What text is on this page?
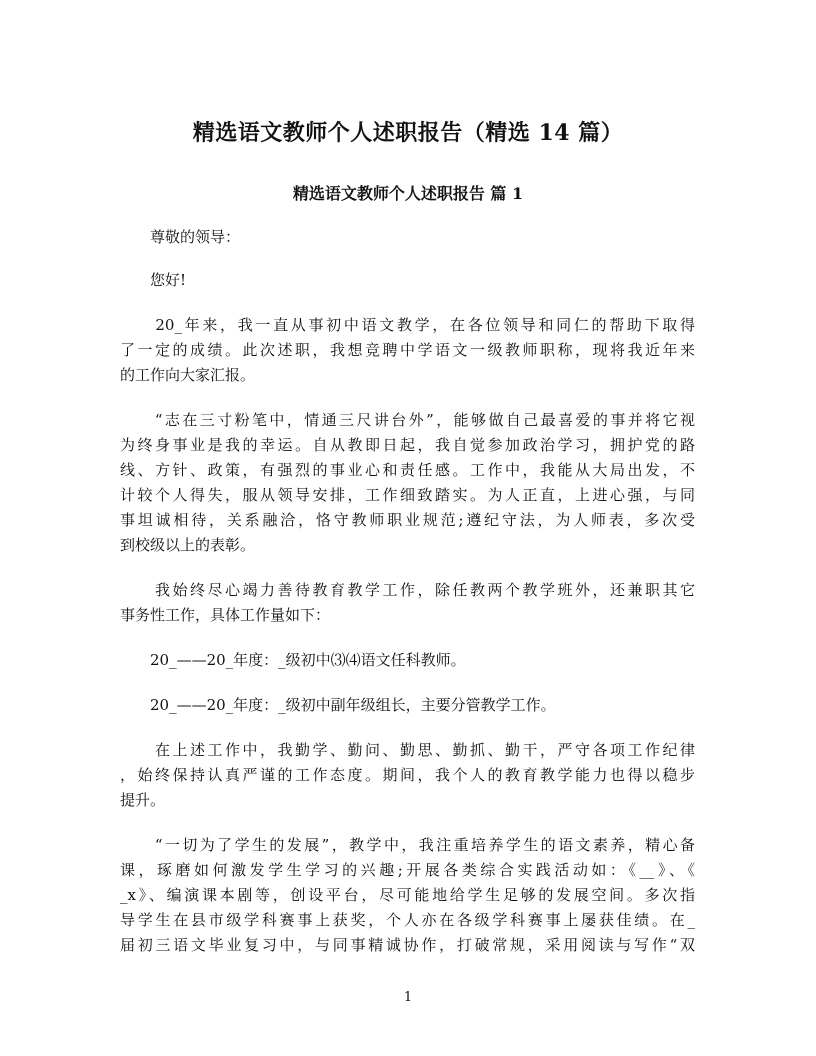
精选语文教师个人述职报告（精选 14 篇）
精选语文教师个人述职报告 篇 1
　　尊敬的领导：
　　您好!
　　20_年来，我一直从事初中语文教学，在各位领导和同仁的帮助下取得
了一定的成绩。此次述职，我想竞聘中学语文一级教师职称，现将我近年来
的工作向大家汇报。
　　“志在三寸粉笔中，情通三尺讲台外”，能够做自己最喜爱的事并将它视
为终身事业是我的幸运。自从教即日起，我自觉参加政治学习，拥护党的路
线、方针、政策，有强烈的事业心和责任感。工作中，我能从大局出发，不
计较个人得失，服从领导安排，工作细致踏实。为人正直，上进心强，与同
事坦诚相待，关系融洽，恪守教师职业规范;遵纪守法，为人师表，多次受
到校级以上的表彰。
　　我始终尽心竭力善待教育教学工作，除任教两个教学班外，还兼职其它
事务性工作，具体工作量如下：
　　20_——20_年度：_级初中⑶⑷语文任科教师。
　　20_——20_年度：_级初中副年级组长，主要分管教学工作。
　　在上述工作中，我勤学、勤问、勤思、勤抓、勤干，严守各项工作纪律
，始终保持认真严谨的工作态度。期间，我个人的教育教学能力也得以稳步
提升。
　　“一切为了学生的发展”，教学中，我注重培养学生的语文素养，精心备
课，琢磨如何激发学生学习的兴趣;开展各类综合实践活动如：《__》、《
_x》、编演课本剧等，创设平台，尽可能地给学生足够的发展空间。多次指
导学生在县市级学科赛事上获奖，个人亦在各级学科赛事上屡获佳绩。在_
届初三语文毕业复习中，与同事精诚协作，打破常规，采用阅读与写作“双
1
